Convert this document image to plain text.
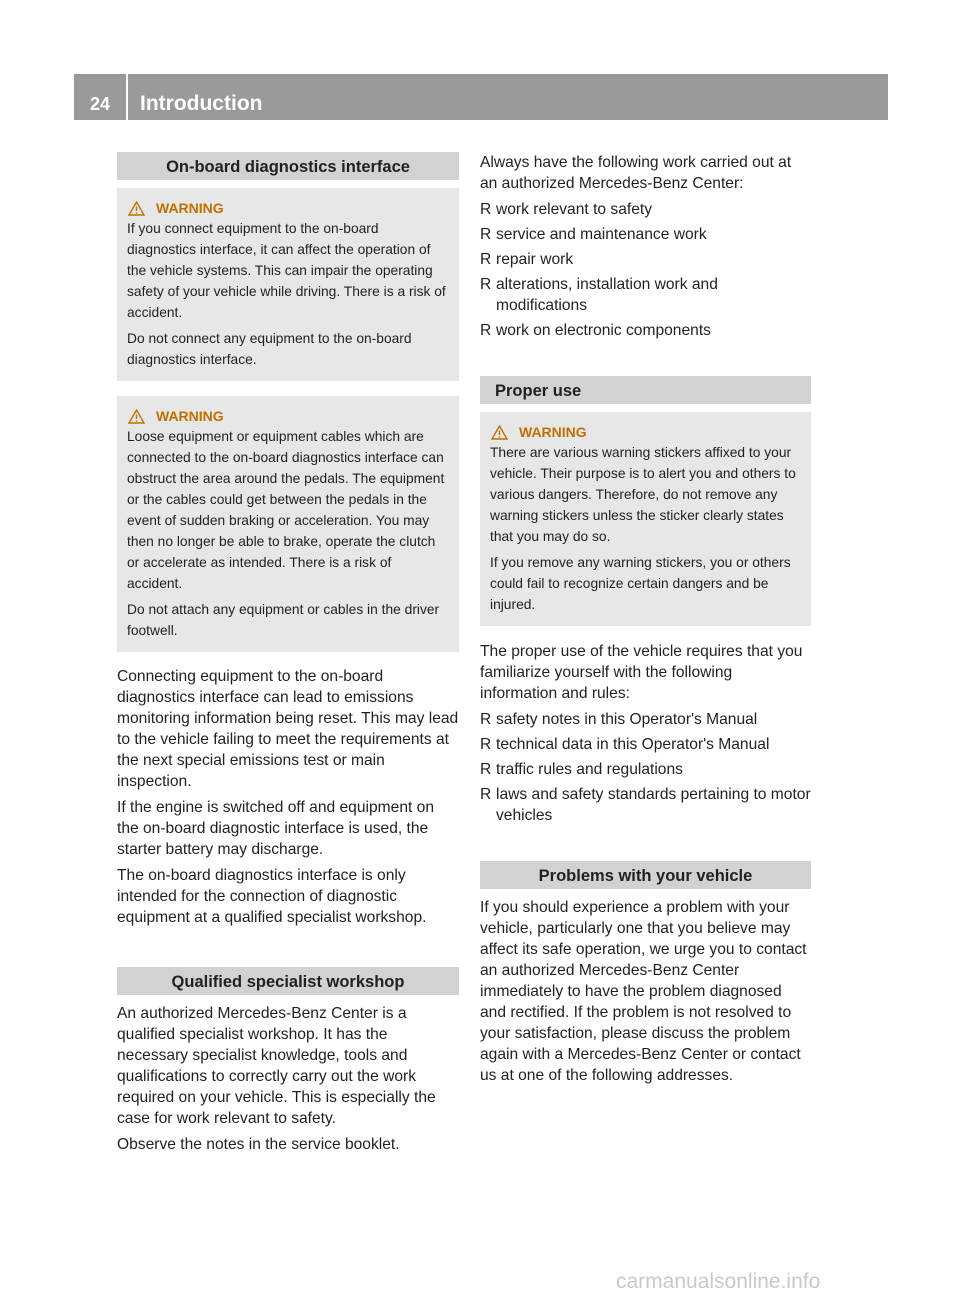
24	Introduction
On-board diagnostics interface
WARNING

If you connect equipment to the on-board diagnostics interface, it can affect the operation of the vehicle systems. This can impair the operating safety of your vehicle while driving. There is a risk of accident.

Do not connect any equipment to the on-board diagnostics interface.

WARNING

Loose equipment or equipment cables which are connected to the on-board diagnostics interface can obstruct the area around the pedals. The equipment or the cables could get between the pedals in the event of sudden braking or acceleration. You may then no longer be able to brake, operate the clutch or accelerate as intended. There is a risk of accident.

Do not attach any equipment or cables in the driver footwell.

Connecting equipment to the on-board diagnostics interface can lead to emissions monitoring information being reset. This may lead to the vehicle failing to meet the requirements at the next special emissions test or main inspection.

If the engine is switched off and equipment on the on-board diagnostic interface is used, the starter battery may discharge.

The on-board diagnostics interface is only intended for the connection of diagnostic equipment at a qualified specialist workshop.

Qualified specialist workshop

An authorized Mercedes-Benz Center is a qualified specialist workshop. It has the necessary specialist knowledge, tools and qualifications to correctly carry out the work required on your vehicle. This is especially the case for work relevant to safety.

Observe the notes in the service booklet.

Always have the following work carried out at an authorized Mercedes-Benz Center:

R work relevant to safety
R service and maintenance work
R repair work
R alterations, installation work and modifications
R work on electronic components
Proper use
WARNING

There are various warning stickers affixed to your vehicle. Their purpose is to alert you and others to various dangers. Therefore, do not remove any warning stickers unless the sticker clearly states that you may do so.

If you remove any warning stickers, you or others could fail to recognize certain dangers and be injured.

The proper use of the vehicle requires that you familiarize yourself with the following information and rules:

R safety notes in this Operator's Manual
R technical data in this Operator's Manual
R traffic rules and regulations
R laws and safety standards pertaining to motor vehicles
Problems with your vehicle

If you should experience a problem with your vehicle, particularly one that you believe may affect its safe operation, we urge you to contact an authorized Mercedes-Benz Center immediately to have the problem diagnosed and rectified. If the problem is not resolved to your satisfaction, please discuss the problem again with a Mercedes-Benz Center or contact us at one of the following addresses.

carmanualsonline.info
